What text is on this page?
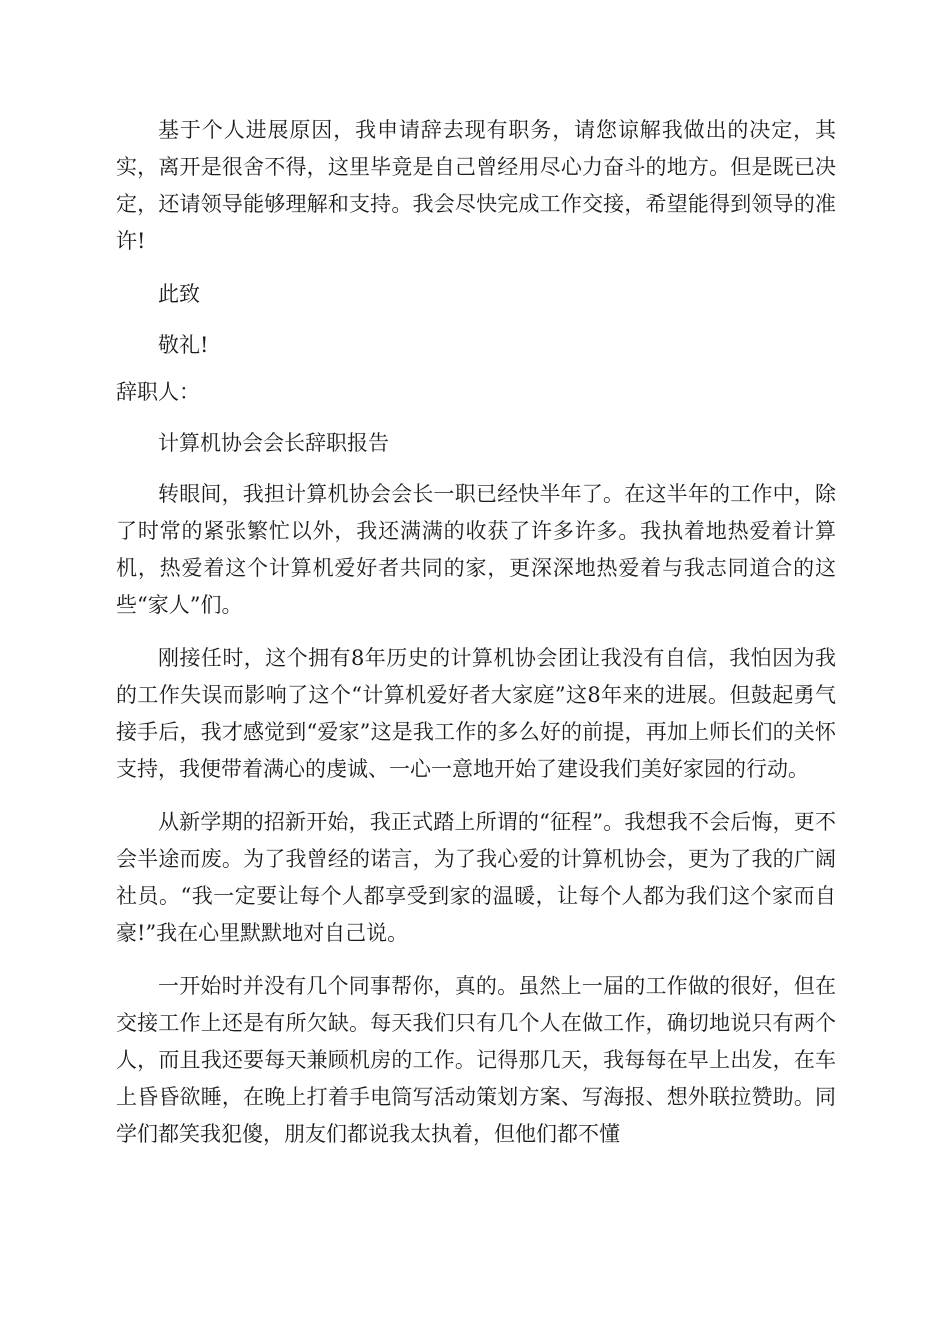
基于个人进展原因，我申请辞去现有职务，请您谅解我做出的决定，其实，离开是很舍不得，这里毕竟是自己曾经用尽心力奋斗的地方。但是既已决定，还请领导能够理解和支持。我会尽快完成工作交接，希望能得到领导的准许!

此致

敬礼!

辞职人：

计算机协会会长辞职报告

转眼间，我担计算机协会会长一职已经快半年了。在这半年的工作中，除了时常的紧张繁忙以外，我还满满的收获了许多许多。我执着地热爱着计算机，热爱着这个计算机爱好者共同的家，更深深地热爱着与我志同道合的这些“家人”们。

刚接任时，这个拥有8年历史的计算机协会团让我没有自信，我怕因为我的工作失误而影响了这个“计算机爱好者大家庭”这8年来的进展。但鼓起勇气接手后，我才感觉到“爱家”这是我工作的多么好的前提，再加上师长们的关怀支持，我便带着满心的虔诚、一心一意地开始了建设我们美好家园的行动。

从新学期的招新开始，我正式踏上所谓的“征程”。我想我不会后悔，更不会半途而废。为了我曾经的诺言，为了我心爱的计算机协会，更为了我的广阔社员。“我一定要让每个人都享受到家的温暖，让每个人都为我们这个家而自豪!”我在心里默默地对自己说。

一开始时并没有几个同事帮你，真的。虽然上一届的工作做的很好，但在交接工作上还是有所欠缺。每天我们只有几个人在做工作，确切地说只有两个人，而且我还要每天兼顾机房的工作。记得那几天，我每每在早上出发，在车上昏昏欲睡，在晚上打着手电筒写活动策划方案、写海报、想外联拉赞助。同学们都笑我犯傻，朋友们都说我太执着，但他们都不懂
